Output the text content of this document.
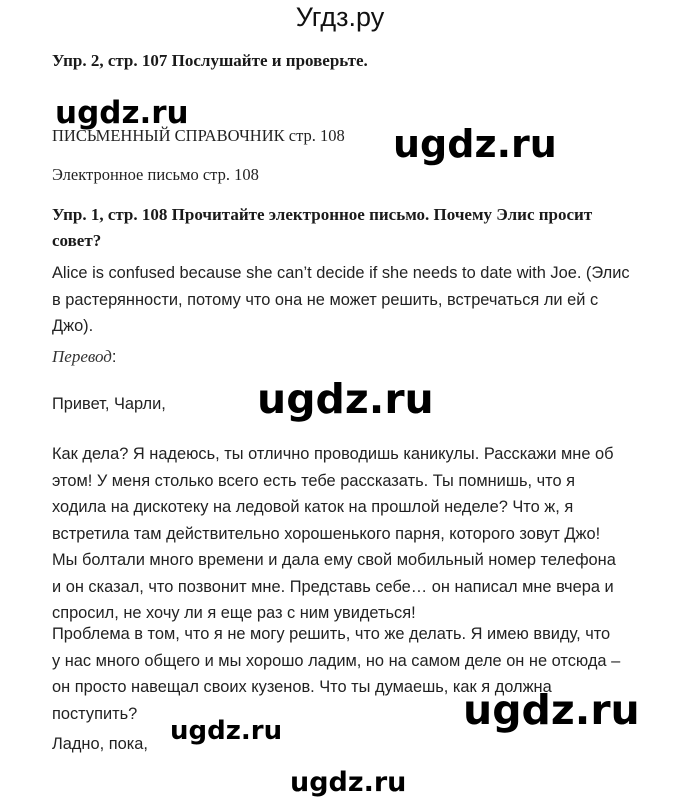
Угдз.ру

Упр. 2, стр. 107 Послушайте и проверьте.

ПИСЬМЕННЫЙ СПРАВОЧНИК стр. 108

Электронное письмо стр. 108

Упр. 1, стр. 108 Прочитайте электронное письмо. Почему Элис просит совет?

Alice is confused because she can’t decide if she needs to date with Joe. (Элис в растерянности, потому что она не может решить, встречаться ли ей с Джо).

Перевод:

Привет, Чарли,

Как дела? Я надеюсь, ты отлично проводишь каникулы. Расскажи мне об этом! У меня столько всего есть тебе рассказать. Ты помнишь, что я ходила на дискотеку на ледовой каток на прошлой неделе? Что ж, я встретила там действительно хорошенького парня, которого зовут Джо! Мы болтали много времени и дала ему свой мобильный номер телефона и он сказал, что позвонит мне. Представь себе… он написал мне вчера и спросил, не хочу ли я еще раз с ним увидеться!

Проблема в том, что я не могу решить, что же делать. Я имею ввиду, что у нас много общего и мы хорошо ладим, но на самом деле он не отсюда – он просто навещал своих кузенов. Что ты думаешь, как я должна поступить?

Ладно, пока,

ugdz.ru
ugdz.ru
ugdz.ru
ugdz.ru	ugdz.ru
ugdz.ru
